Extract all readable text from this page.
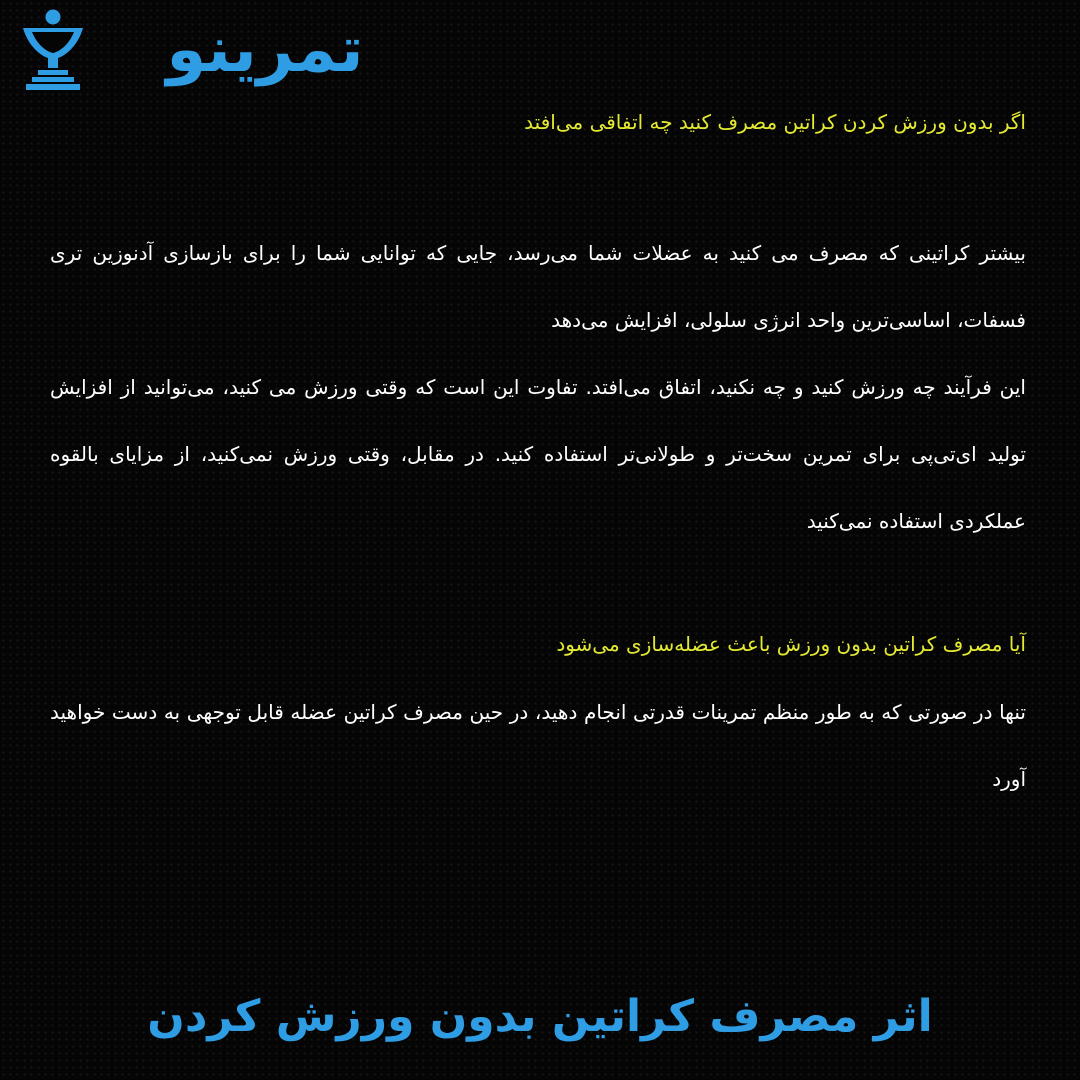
تمرینو
اگر بدون ورزش کردن کراتین مصرف کنید چه اتفاقی می‌افتد

بیشتر کراتینی که مصرف می کنید به عضلات شما می‌رسد، جایی که توانایی شما را برای بازسازی آدنوزین تری فسفات، اساسی‌ترین واحد انرژی سلولی، افزایش می‌دهد
این فرآیند چه ورزش کنید و چه نکنید، اتفاق می‌افتد. تفاوت این است که وقتی ورزش می کنید، می‌توانید از افزایش تولید ای‌تی‌پی برای تمرین سخت‌تر و طولانی‌تر استفاده کنید. در مقابل، وقتی ورزش نمی‌کنید، از مزایای بالقوه عملکردی استفاده نمی‌کنید

آیا مصرف کراتین بدون ورزش باعث عضله‌سازی می‌شود

تنها در صورتی که به طور منظم تمرینات قدرتی انجام دهید، در حین مصرف کراتین عضله قابل توجهی به دست خواهید آورد

اثر مصرف کراتین بدون ورزش کردن
